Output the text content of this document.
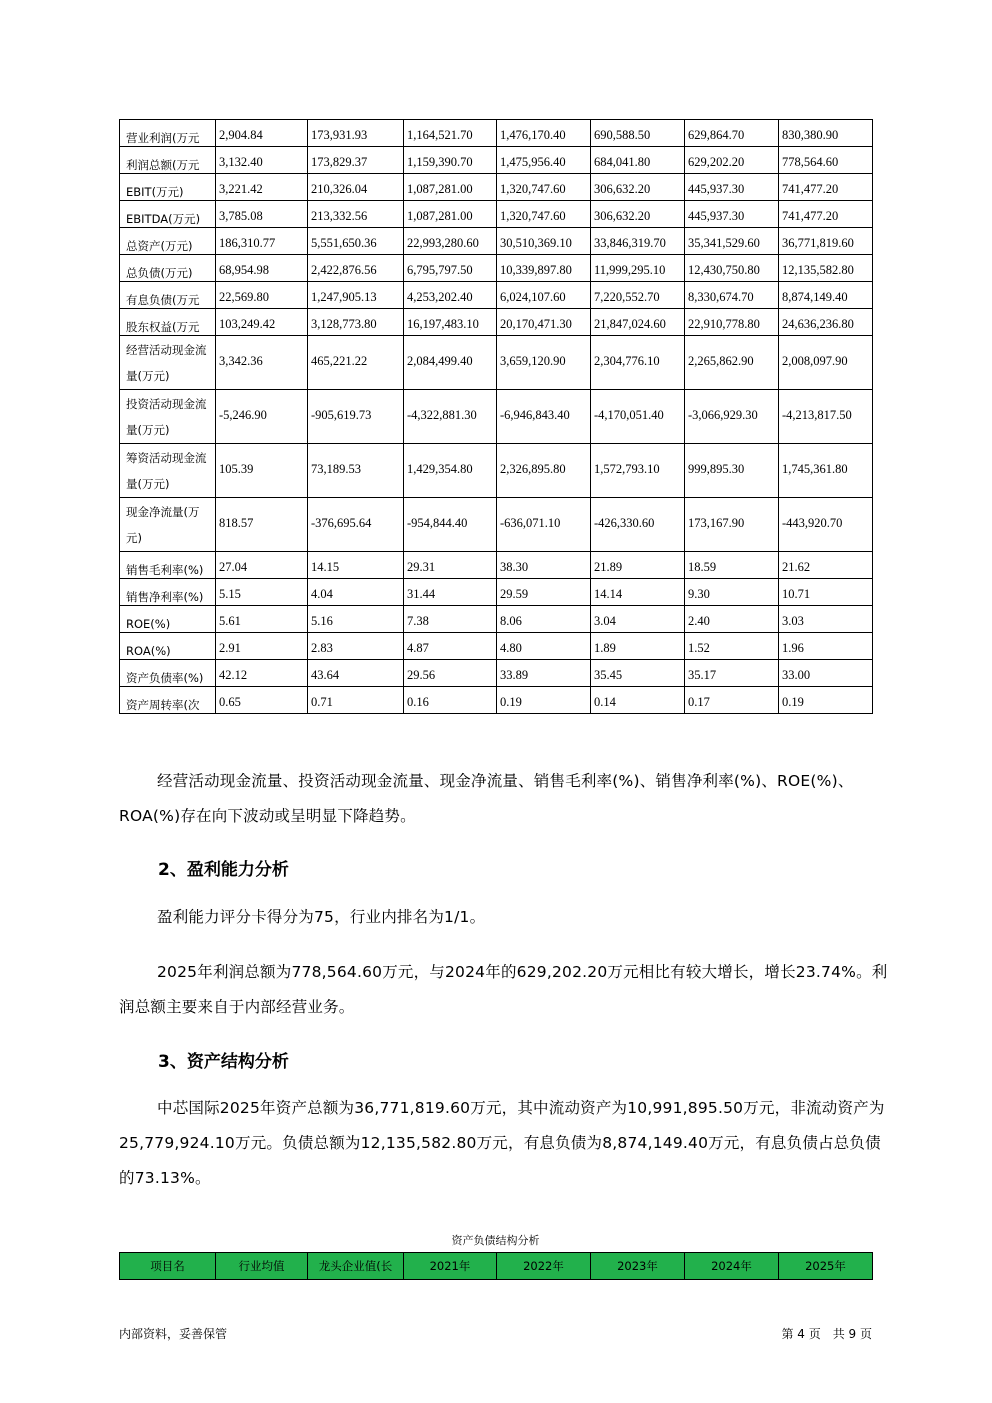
营业利润(万元	2,904.84	173,931.93	1,164,521.70	1,476,170.40	690,588.50	629,864.70	830,380.90
利润总额(万元	3,132.40	173,829.37	1,159,390.70	1,475,956.40	684,041.80	629,202.20	778,564.60
EBIT(万元)	3,221.42	210,326.04	1,087,281.00	1,320,747.60	306,632.20	445,937.30	741,477.20
EBITDA(万元)	3,785.08	213,332.56	1,087,281.00	1,320,747.60	306,632.20	445,937.30	741,477.20
总资产(万元)	186,310.77	5,551,650.36	22,993,280.60	30,510,369.10	33,846,319.70	35,341,529.60	36,771,819.60
总负债(万元)	68,954.98	2,422,876.56	6,795,797.50	10,339,897.80	11,999,295.10	12,430,750.80	12,135,582.80
有息负债(万元	22,569.80	1,247,905.13	4,253,202.40	6,024,107.60	7,220,552.70	8,330,674.70	8,874,149.40
股东权益(万元	103,249.42	3,128,773.80	16,197,483.10	20,170,471.30	21,847,024.60	22,910,778.80	24,636,236.80
经营活动现金流量(万元)	3,342.36	465,221.22	2,084,499.40	3,659,120.90	2,304,776.10	2,265,862.90	2,008,097.90
投资活动现金流量(万元)	-5,246.90	-905,619.73	-4,322,881.30	-6,946,843.40	-4,170,051.40	-3,066,929.30	-4,213,817.50
筹资活动现金流量(万元)	105.39	73,189.53	1,429,354.80	2,326,895.80	1,572,793.10	999,895.30	1,745,361.80
现金净流量(万元)	818.57	-376,695.64	-954,844.40	-636,071.10	-426,330.60	173,167.90	-443,920.70
销售毛利率(%)	27.04	14.15	29.31	38.30	21.89	18.59	21.62
销售净利率(%)	5.15	4.04	31.44	29.59	14.14	9.30	10.71
ROE(%)	5.61	5.16	7.38	8.06	3.04	2.40	3.03
ROA(%)	2.91	2.83	4.87	4.80	1.89	1.52	1.96
资产负债率(%)	42.12	43.64	29.56	33.89	35.45	35.17	33.00
资产周转率(次	0.65	0.71	0.16	0.19	0.14	0.17	0.19

经营活动现金流量、投资活动现金流量、现金净流量、销售毛利率(%)、销售净利率(%)、ROE(%)、ROA(%)存在向下波动或呈明显下降趋势。

2、盈利能力分析

盈利能力评分卡得分为75，行业内排名为1/1。

2025年利润总额为778,564.60万元，与2024年的629,202.20万元相比有较大增长，增长23.74%。利润总额主要来自于内部经营业务。

3、资产结构分析

中芯国际2025年资产总额为36,771,819.60万元，其中流动资产为10,991,895.50万元，非流动资产为25,779,924.10万元。负债总额为12,135,582.80万元，有息负债为8,874,149.40万元，有息负债占总负债的73.13%。

资产负债结构分析
项目名	行业均值	龙头企业值(长	2021年	2022年	2023年	2024年	2025年
内部资料，妥善保管	第 4 页　共 9 页
